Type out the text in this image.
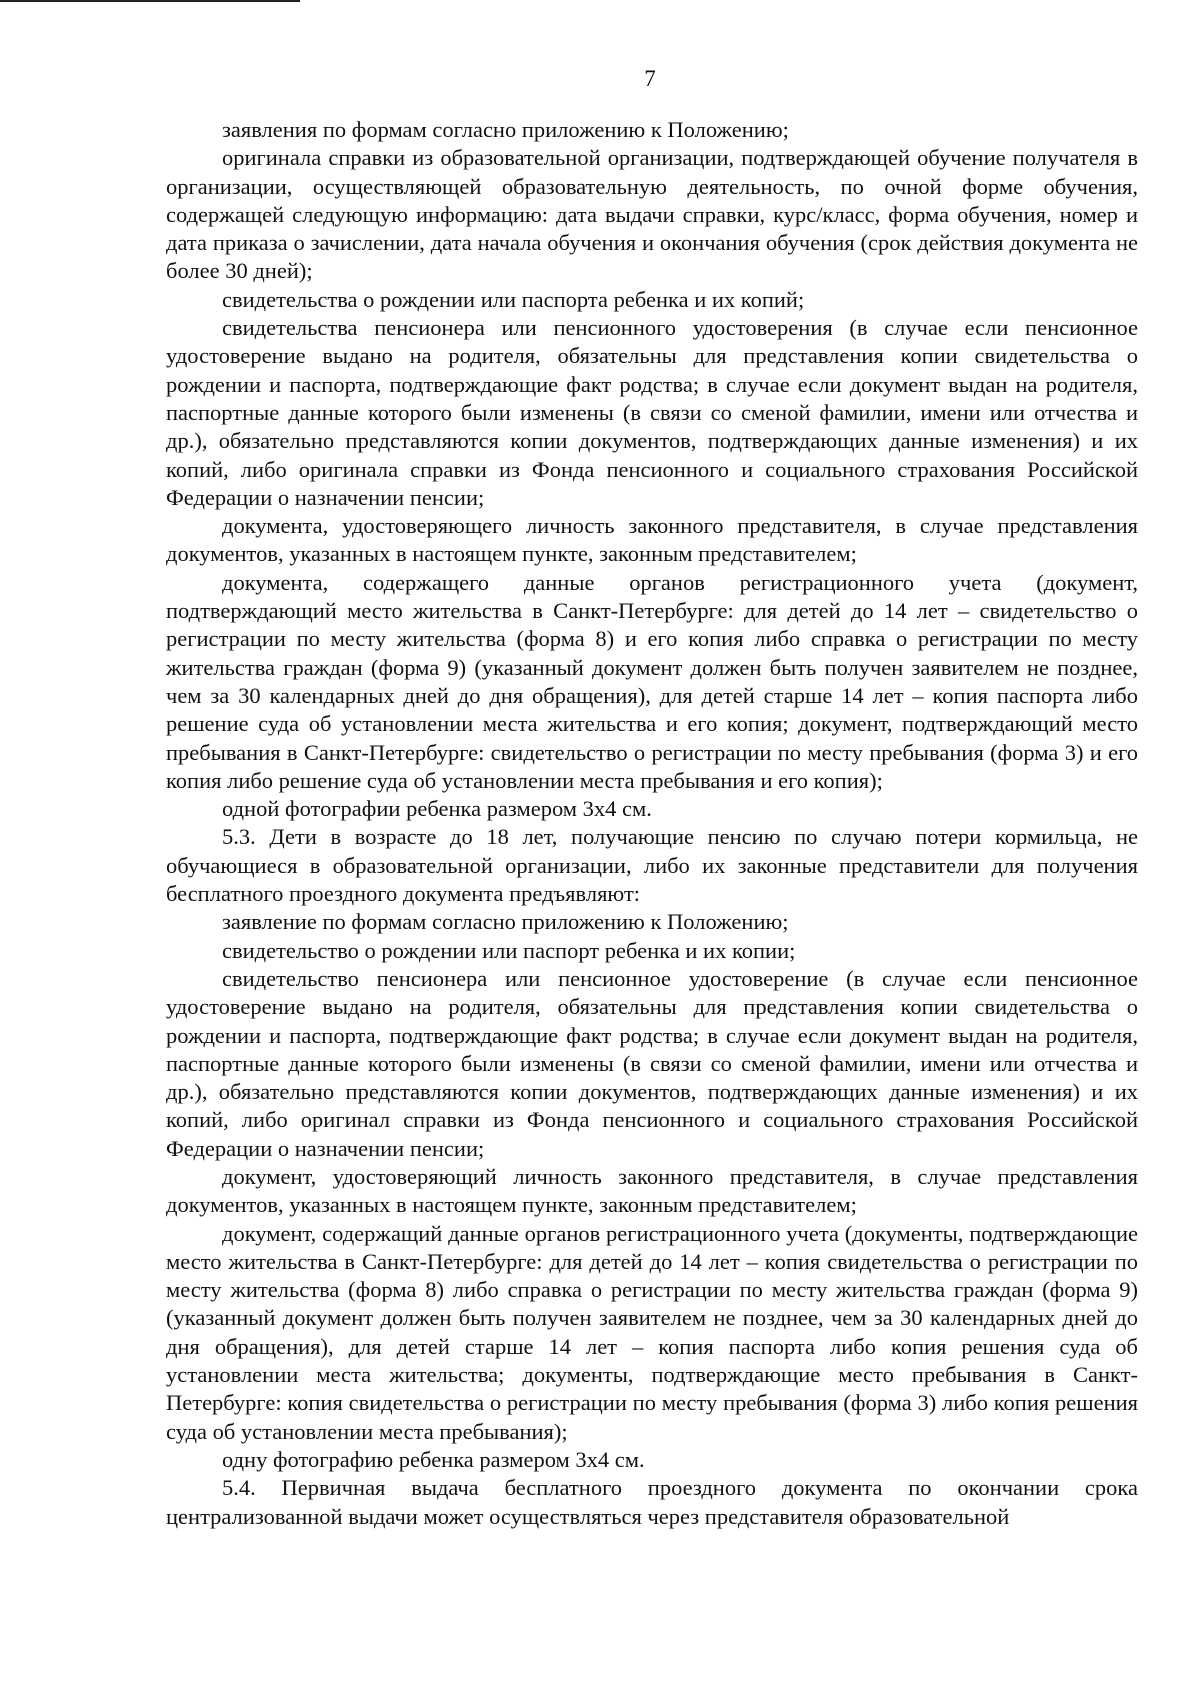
7

заявления по формам согласно приложению к Положению;

оригинала справки из образовательной организации, подтверждающей обучение получателя в организации, осуществляющей образовательную деятельность, по очной форме обучения, содержащей следующую информацию: дата выдачи справки, курс/класс, форма обучения, номер и дата приказа о зачислении, дата начала обучения и окончания обучения (срок действия документа не более 30 дней);

свидетельства о рождении или паспорта ребенка и их копий;

свидетельства пенсионера или пенсионного удостоверения (в случае если пенсионное удостоверение выдано на родителя, обязательны для представления копии свидетельства о рождении и паспорта, подтверждающие факт родства; в случае если документ выдан на родителя, паспортные данные которого были изменены (в связи со сменой фамилии, имени или отчества и др.), обязательно представляются копии документов, подтверждающих данные изменения) и их копий, либо оригинала справки из Фонда пенсионного и социального страхования Российской Федерации о назначении пенсии;

документа, удостоверяющего личность законного представителя, в случае представления документов, указанных в настоящем пункте, законным представителем;

документа, содержащего данные органов регистрационного учета (документ, подтверждающий место жительства в Санкт-Петербурге: для детей до 14 лет – свидетельство о регистрации по месту жительства (форма 8) и его копия либо справка о регистрации по месту жительства граждан (форма 9) (указанный документ должен быть получен заявителем не позднее, чем за 30 календарных дней до дня обращения), для детей старше 14 лет – копия паспорта либо решение суда об установлении места жительства и его копия; документ, подтверждающий место пребывания в Санкт-Петербурге: свидетельство о регистрации по месту пребывания (форма 3) и его копия либо решение суда об установлении места пребывания и его копия);

одной фотографии ребенка размером 3х4 см.

5.3. Дети в возрасте до 18 лет, получающие пенсию по случаю потери кормильца, не обучающиеся в образовательной организации, либо их законные представители для получения бесплатного проездного документа предъявляют:

заявление по формам согласно приложению к Положению;

свидетельство о рождении или паспорт ребенка и их копии;

свидетельство пенсионера или пенсионное удостоверение (в случае если пенсионное удостоверение выдано на родителя, обязательны для представления копии свидетельства о рождении и паспорта, подтверждающие факт родства; в случае если документ выдан на родителя, паспортные данные которого были изменены (в связи со сменой фамилии, имени или отчества и др.), обязательно представляются копии документов, подтверждающих данные изменения) и их копий, либо оригинал справки из Фонда пенсионного и социального страхования Российской Федерации о назначении пенсии;

документ, удостоверяющий личность законного представителя, в случае представления документов, указанных в настоящем пункте, законным представителем;

документ, содержащий данные органов регистрационного учета (документы, подтверждающие место жительства в Санкт-Петербурге: для детей до 14 лет – копия свидетельства о регистрации по месту жительства (форма 8) либо справка о регистрации по месту жительства граждан (форма 9) (указанный документ должен быть получен заявителем не позднее, чем за 30 календарных дней до дня обращения), для детей старше 14 лет – копия паспорта либо копия решения суда об установлении места жительства; документы, подтверждающие место пребывания в Санкт-Петербурге: копия свидетельства о регистрации по месту пребывания (форма 3) либо копия решения суда об установлении места пребывания);

одну фотографию ребенка размером 3х4 см.

5.4. Первичная выдача бесплатного проездного документа по окончании срока централизованной выдачи может осуществляться через представителя образовательной
